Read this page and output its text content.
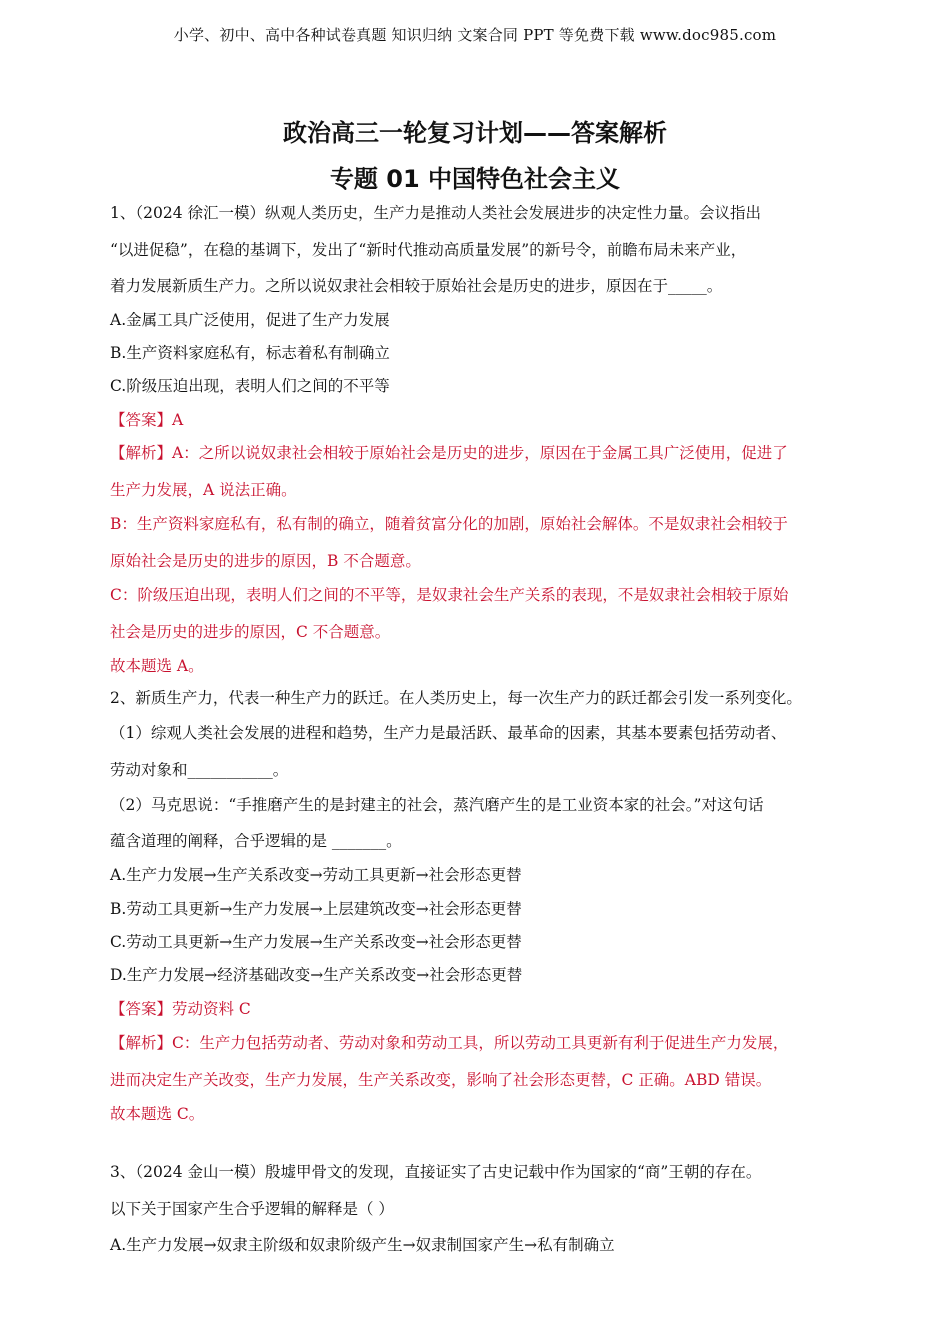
小学、初中、高中各种试卷真题 知识归纳 文案合同 PPT 等免费下载 www.doc985.com
政治高三一轮复习计划——答案解析
专题 01 中国特色社会主义
1、（2024 徐汇一模）纵观人类历史，生产力是推动人类社会发展进步的决定性力量。会议指出
“以进促稳”，在稳的基调下，发出了“新时代推动高质量发展”的新号令，前瞻布局未来产业，
着力发展新质生产力。之所以说奴隶社会相较于原始社会是历史的进步，原因在于_____。
A.金属工具广泛使用，促进了生产力发展
B.生产资料家庭私有，标志着私有制确立
C.阶级压迫出现，表明人们之间的不平等
【答案】A
【解析】A：之所以说奴隶社会相较于原始社会是历史的进步，原因在于金属工具广泛使用，促进了
生产力发展，A 说法正确。
B：生产资料家庭私有，私有制的确立，随着贫富分化的加剧，原始社会解体。不是奴隶社会相较于
原始社会是历史的进步的原因，B 不合题意。
C：阶级压迫出现，表明人们之间的不平等，是奴隶社会生产关系的表现，不是奴隶社会相较于原始
社会是历史的进步的原因，C 不合题意。
故本题选 A。
2、新质生产力，代表一种生产力的跃迁。在人类历史上，每一次生产力的跃迁都会引发一系列变化。
（1）综观人类社会发展的进程和趋势，生产力是最活跃、最革命的因素，其基本要素包括劳动者、
劳动对象和___________。
（2）马克思说：“手推磨产生的是封建主的社会，蒸汽磨产生的是工业资本家的社会。”对这句话
蕴含道理的阐释，合乎逻辑的是 _______。
A.生产力发展→生产关系改变→劳动工具更新→社会形态更替
B.劳动工具更新→生产力发展→上层建筑改变→社会形态更替
C.劳动工具更新→生产力发展→生产关系改变→社会形态更替
D.生产力发展→经济基础改变→生产关系改变→社会形态更替
【答案】劳动资料 C
【解析】C：生产力包括劳动者、劳动对象和劳动工具，所以劳动工具更新有利于促进生产力发展，
进而决定生产关改变，生产力发展，生产关系改变，影响了社会形态更替，C 正确。ABD 错误。
故本题选 C。
3、（2024 金山一模）殷墟甲骨文的发现，直接证实了古史记载中作为国家的“商”王朝的存在。
以下关于国家产生合乎逻辑的解释是（ ）
A.生产力发展→奴隶主阶级和奴隶阶级产生→奴隶制国家产生→私有制确立
